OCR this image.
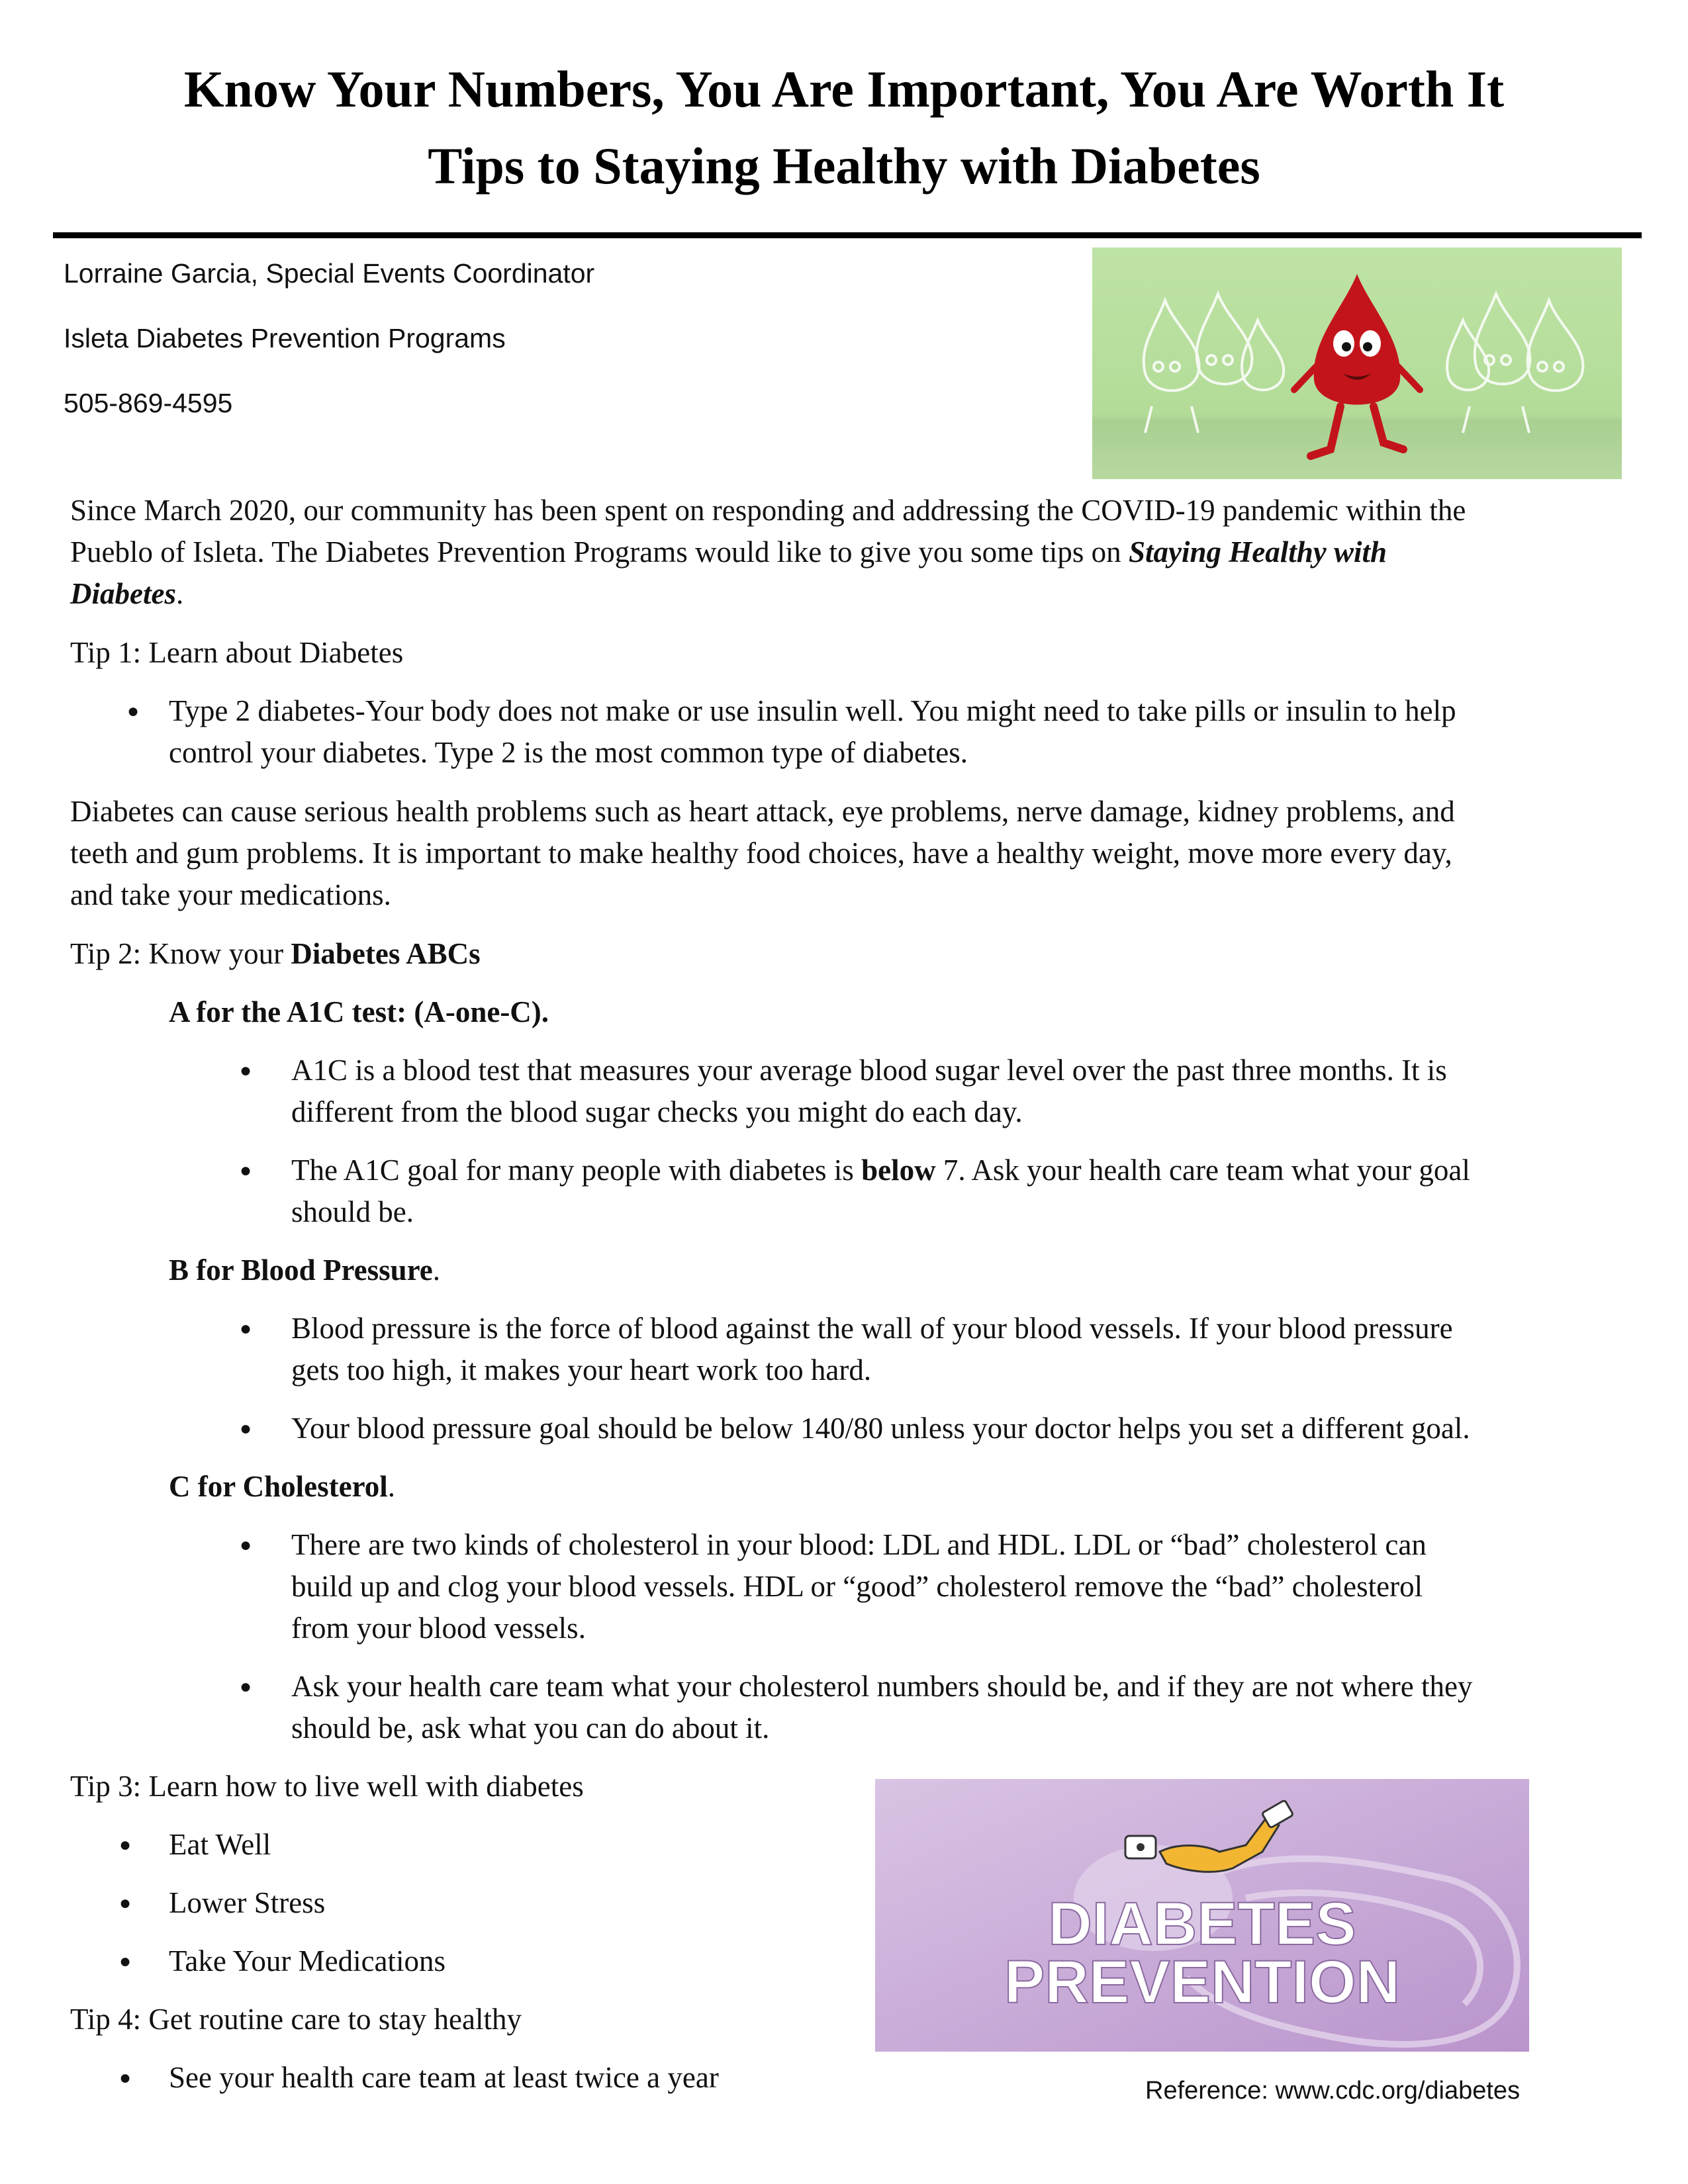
Know Your Numbers, You Are Important, You Are Worth It
Tips to Staying Healthy with Diabetes
Lorraine Garcia, Special Events Coordinator
Isleta Diabetes Prevention Programs
505-869-4595
Since March 2020, our community has been spent on responding and addressing the COVID-19 pandemic within the
Pueblo of Isleta. The Diabetes Prevention Programs would like to give you some tips on Staying Healthy with
Diabetes.
Tip 1: Learn about Diabetes
● Type 2 diabetes-Your body does not make or use insulin well. You might need to take pills or insulin to help
control your diabetes. Type 2 is the most common type of diabetes.
Diabetes can cause serious health problems such as heart attack, eye problems, nerve damage, kidney problems, and
teeth and gum problems. It is important to make healthy food choices, have a healthy weight, move more every day,
and take your medications.
Tip 2: Know your Diabetes ABCs
A for the A1C test: (A-one-C).
● A1C is a blood test that measures your average blood sugar level over the past three months. It is
different from the blood sugar checks you might do each day.
● The A1C goal for many people with diabetes is below 7. Ask your health care team what your goal
should be.
B for Blood Pressure.
● Blood pressure is the force of blood against the wall of your blood vessels. If your blood pressure
gets too high, it makes your heart work too hard.
● Your blood pressure goal should be below 140/80 unless your doctor helps you set a different goal.
C for Cholesterol.
● There are two kinds of cholesterol in your blood: LDL and HDL. LDL or “bad” cholesterol can
build up and clog your blood vessels. HDL or “good” cholesterol remove the “bad” cholesterol
from your blood vessels.
● Ask your health care team what your cholesterol numbers should be, and if they are not where they
should be, ask what you can do about it.
Tip 3: Learn how to live well with diabetes
● Eat Well
● Lower Stress
● Take Your Medications
Tip 4: Get routine care to stay healthy
● See your health care team at least twice a year
DIABETES
PREVENTION
Reference: www.cdc.org/diabetes
